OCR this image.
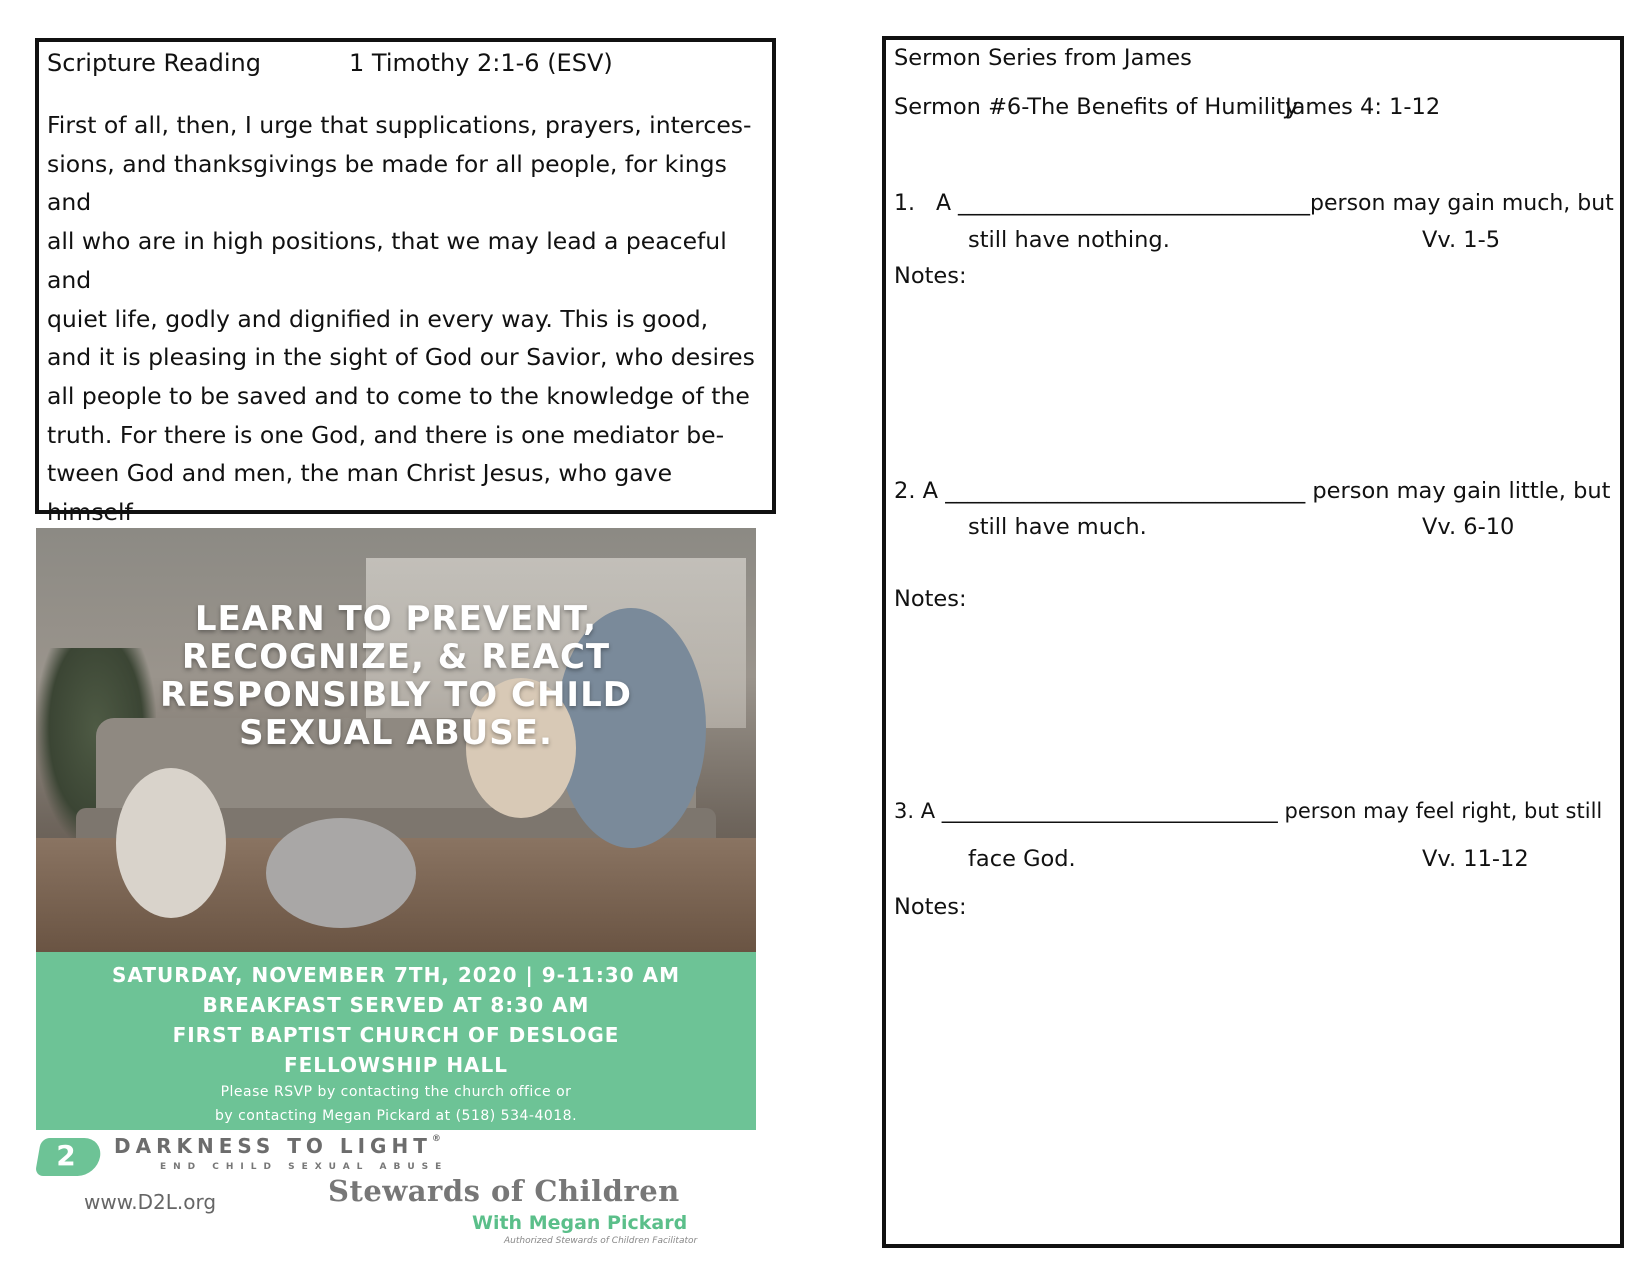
Scripture Reading	1 Timothy 2:1-6 (ESV)
First of all, then, I urge that supplications, prayers, interces-
sions, and thanksgivings be made for all people, for kings and
all who are in high positions, that we may lead a peaceful and
quiet life, godly and dignified in every way. This is good,
and it is pleasing in the sight of God our Savior, who desires
all people to be saved and to come to the knowledge of the
truth. For there is one God, and there is one mediator be-
tween God and men, the man Christ Jesus, who gave himself
LEARN TO PREVENT,
RECOGNIZE, & REACT
RESPONSIBLY TO CHILD
SEXUAL ABUSE.
SATURDAY, NOVEMBER 7TH, 2020 | 9-11:30 AM
BREAKFAST SERVED AT 8:30 AM
FIRST BAPTIST CHURCH OF DESLOGE
FELLOWSHIP HALL
Please RSVP by contacting the church office or
by contacting Megan Pickard at (518) 534-4018.
2 DARKNESS TO LIGHT®
END CHILD SEXUAL ABUSE
www.D2L.org	Stewards of Children
With Megan Pickard
Authorized Stewards of Children Facilitator
Sermon Series from James
Sermon #6-The Benefits of Humility
James 4: 1-12
1. A ________________________________person may gain much, but
still have nothing.	Vv. 1-5
Notes:
2. A ________________________________ person may gain little, but
still have much.	Vv. 6-10
Notes:
3. A ________________________________ person may feel right, but still
face God.	Vv. 11-12
Notes:
